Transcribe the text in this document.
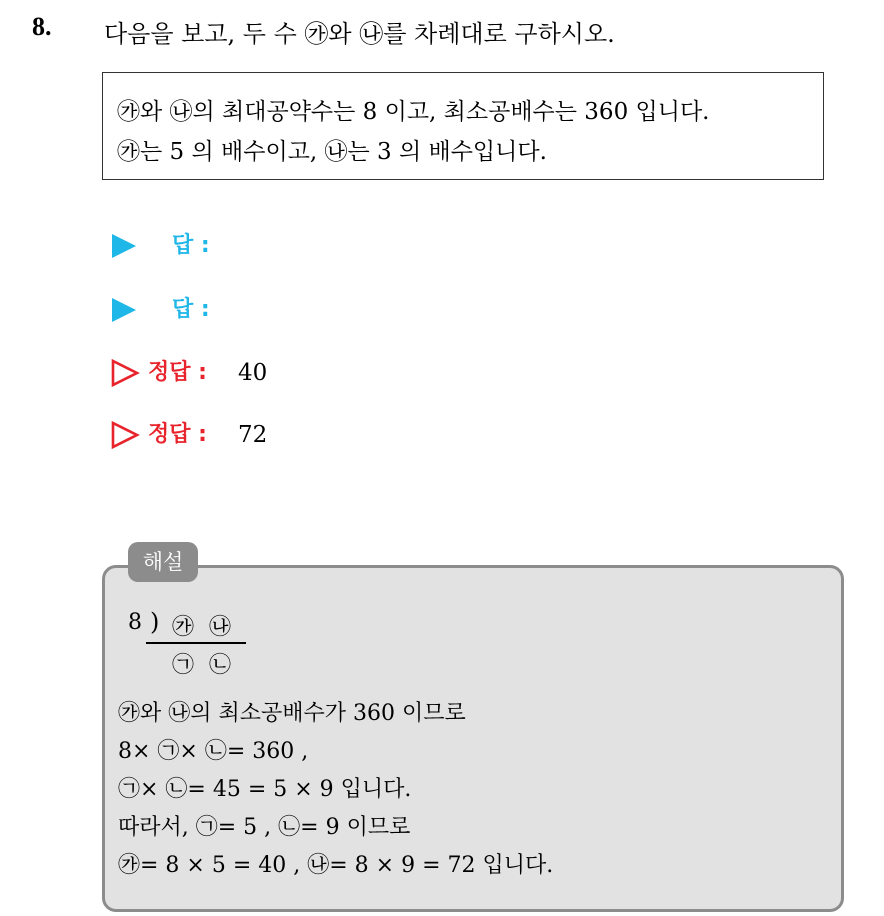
8. 다음을 보고, 두 수 ㉮와 ㉯를 차례대로 구하시오.
㉮와 ㉯의 최대공약수는 8 이고, 최소공배수는 360 입니다.
㉮는 5 의 배수이고, ㉯는 3 의 배수입니다.
답 :
답 :
정답 : 40
정답 : 72
해설
8 ) ㉮ ㉯
㉠ ㉡
㉮와 ㉯의 최소공배수가 360 이므로
8× ㉠× ㉡= 360 ,
㉠× ㉡= 45 = 5 × 9 입니다.
따라서, ㉠= 5 , ㉡= 9 이므로
㉮= 8 × 5 = 40 , ㉯= 8 × 9 = 72 입니다.
